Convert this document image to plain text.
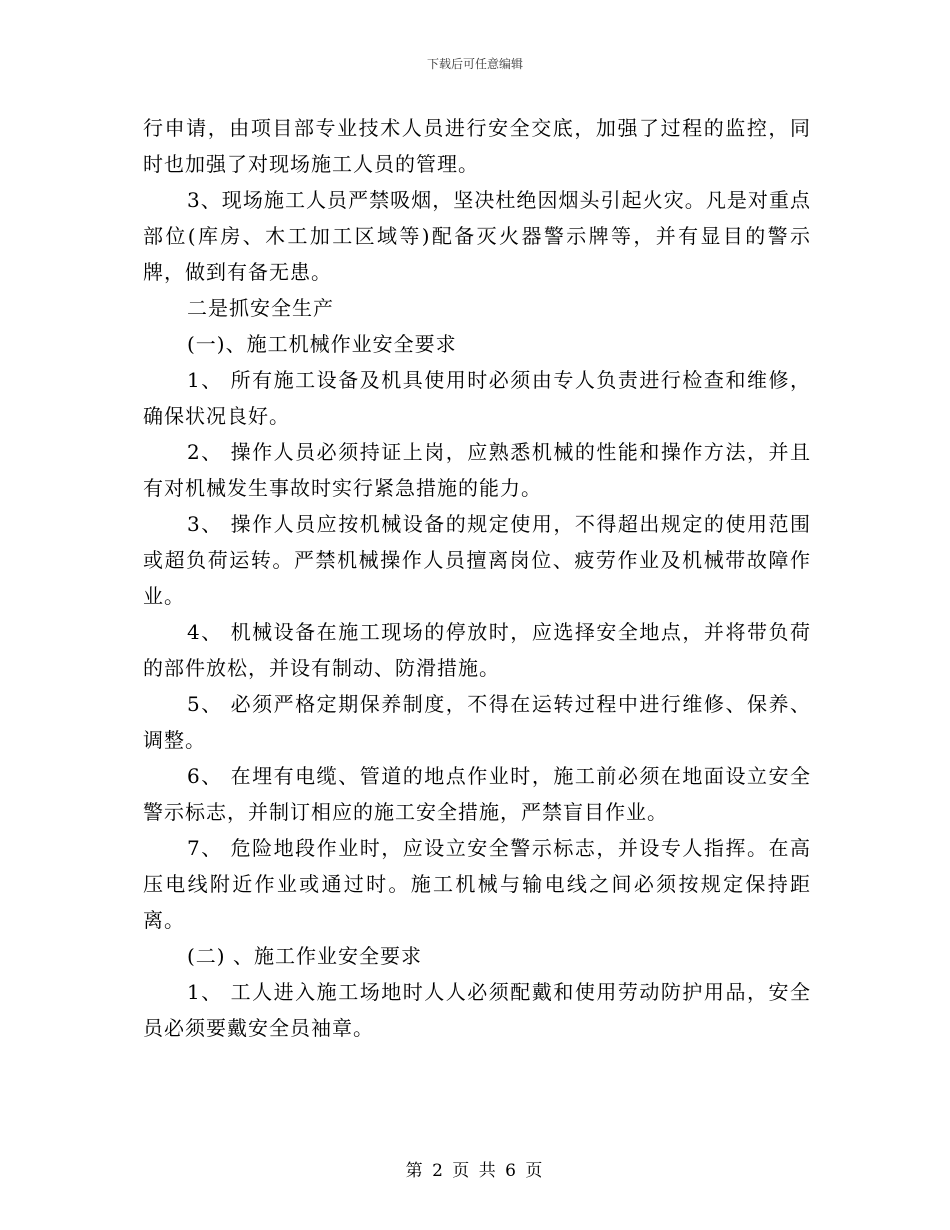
下载后可任意编辑

行申请，由项目部专业技术人员进行安全交底，加强了过程的监控，同时也加强了对现场施工人员的管理。

3、现场施工人员严禁吸烟，坚决杜绝因烟头引起火灾。凡是对重点部位(库房、木工加工区域等)配备灭火器警示牌等，并有显目的警示牌，做到有备无患。

二是抓安全生产

(一)、施工机械作业安全要求

1、 所有施工设备及机具使用时必须由专人负责进行检查和维修，确保状况良好。

2、 操作人员必须持证上岗，应熟悉机械的性能和操作方法，并且有对机械发生事故时实行紧急措施的能力。

3、 操作人员应按机械设备的规定使用，不得超出规定的使用范围或超负荷运转。严禁机械操作人员擅离岗位、疲劳作业及机械带故障作业。

4、 机械设备在施工现场的停放时，应选择安全地点，并将带负荷的部件放松，并设有制动、防滑措施。

5、 必须严格定期保养制度，不得在运转过程中进行维修、保养、调整。

6、 在埋有电缆、管道的地点作业时，施工前必须在地面设立安全警示标志，并制订相应的施工安全措施，严禁盲目作业。

7、 危险地段作业时，应设立安全警示标志，并设专人指挥。在高压电线附近作业或通过时。施工机械与输电线之间必须按规定保持距离。

(二) 、施工作业安全要求

1、 工人进入施工场地时人人必须配戴和使用劳动防护用品，安全员必须要戴安全员袖章。

第 2 页 共 6 页
